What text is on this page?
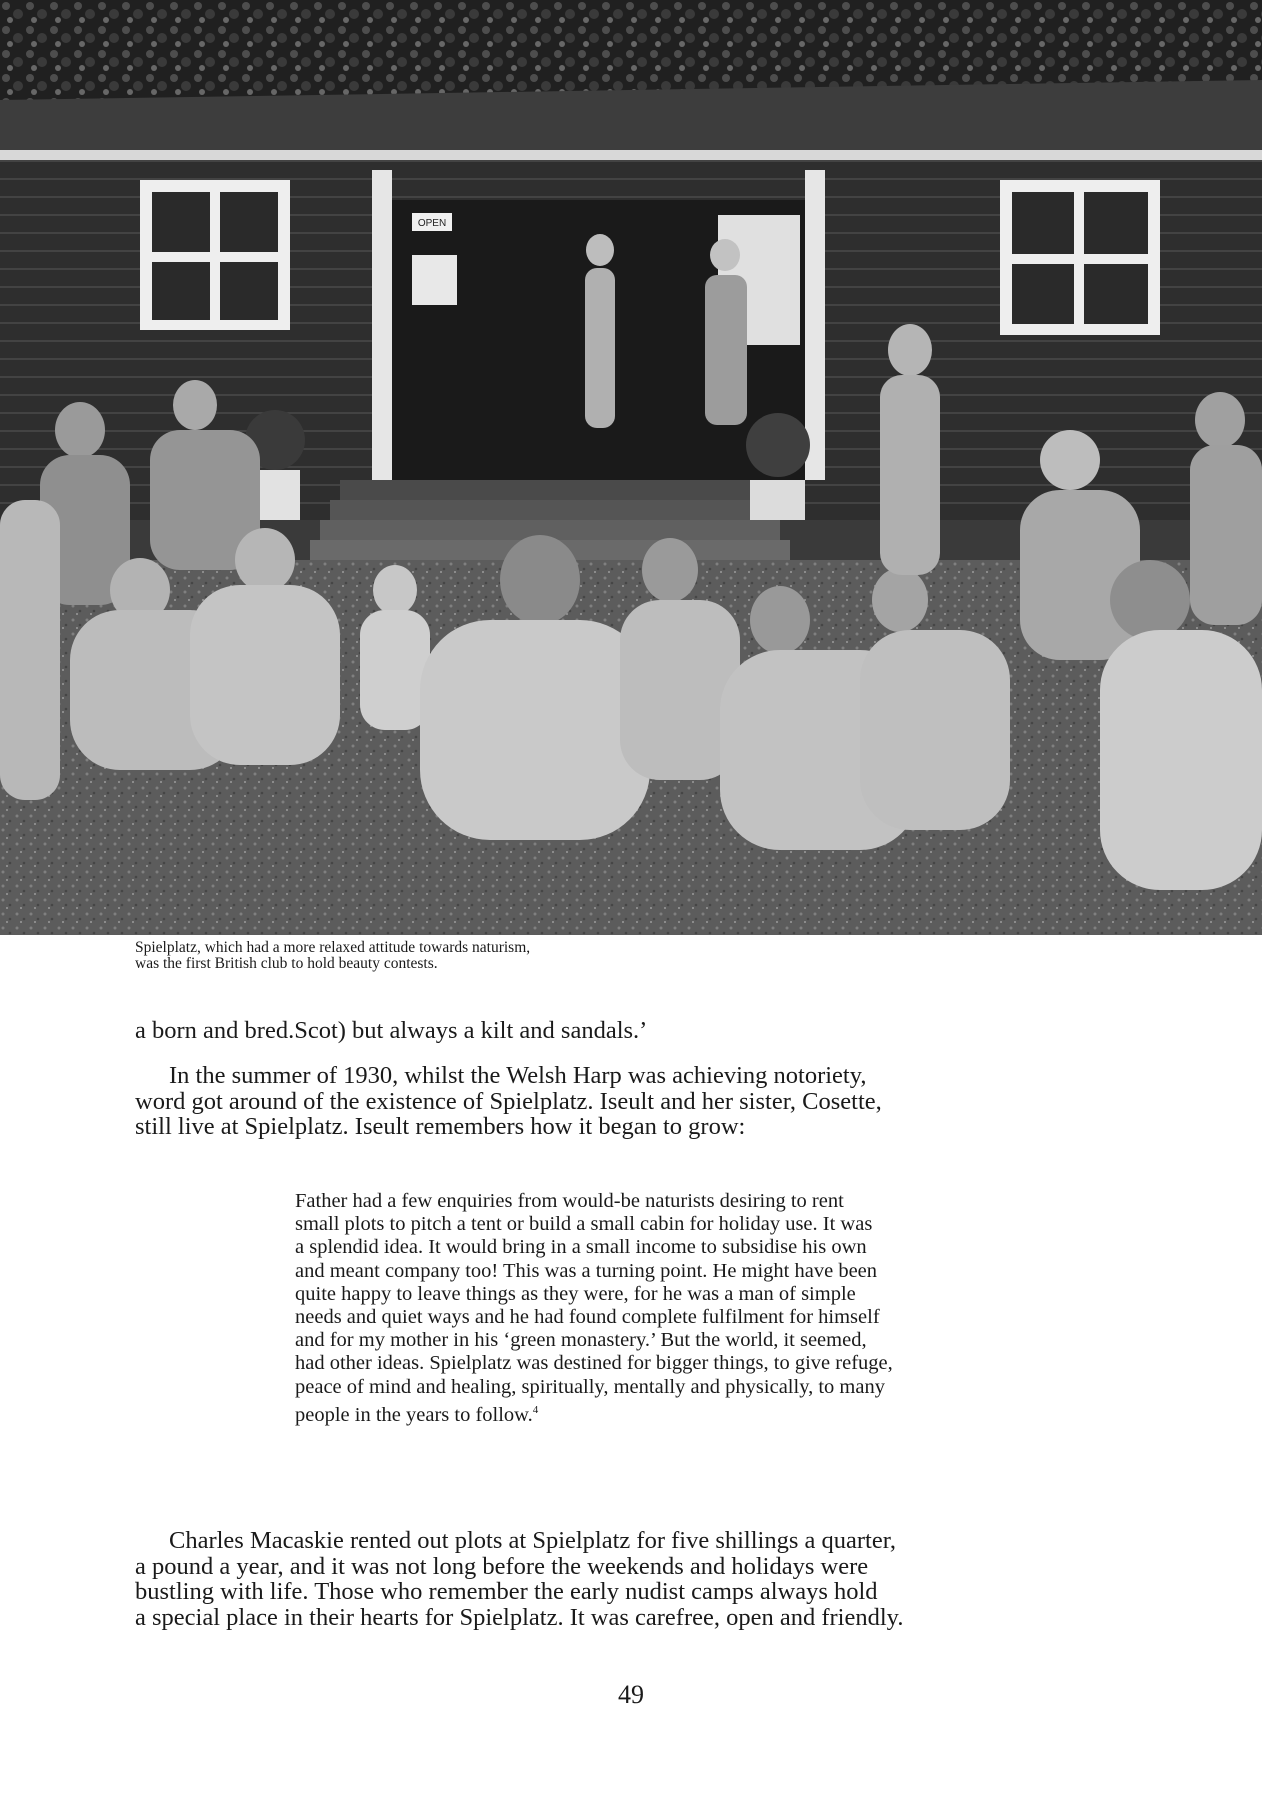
OPEN
Spielplatz, which had a more relaxed attitude towards naturism,
was the first British club to hold beauty contests.
a born and bred.Scot) but always a kilt and sandals.’
In the summer of 1930, whilst the Welsh Harp was achieving notoriety,
word got around of the existence of Spielplatz. Iseult and her sister, Cosette,
still live at Spielplatz. Iseult remembers how it began to grow:
Father had a few enquiries from would-be naturists desiring to rent
small plots to pitch a tent or build a small cabin for holiday use. It was
a splendid idea. It would bring in a small income to subsidise his own
and meant company too! This was a turning point. He might have been
quite happy to leave things as they were, for he was a man of simple
needs and quiet ways and he had found complete fulfilment for himself
and for my mother in his ‘green monastery.’ But the world, it seemed,
had other ideas. Spielplatz was destined for bigger things, to give refuge,
peace of mind and healing, spiritually, mentally and physically, to many
people in the years to follow.$^4$
Charles Macaskie rented out plots at Spielplatz for five shillings a quarter,
a pound a year, and it was not long before the weekends and holidays were
bustling with life. Those who remember the early nudist camps always hold
a special place in their hearts for Spielplatz. It was carefree, open and friendly.
49
